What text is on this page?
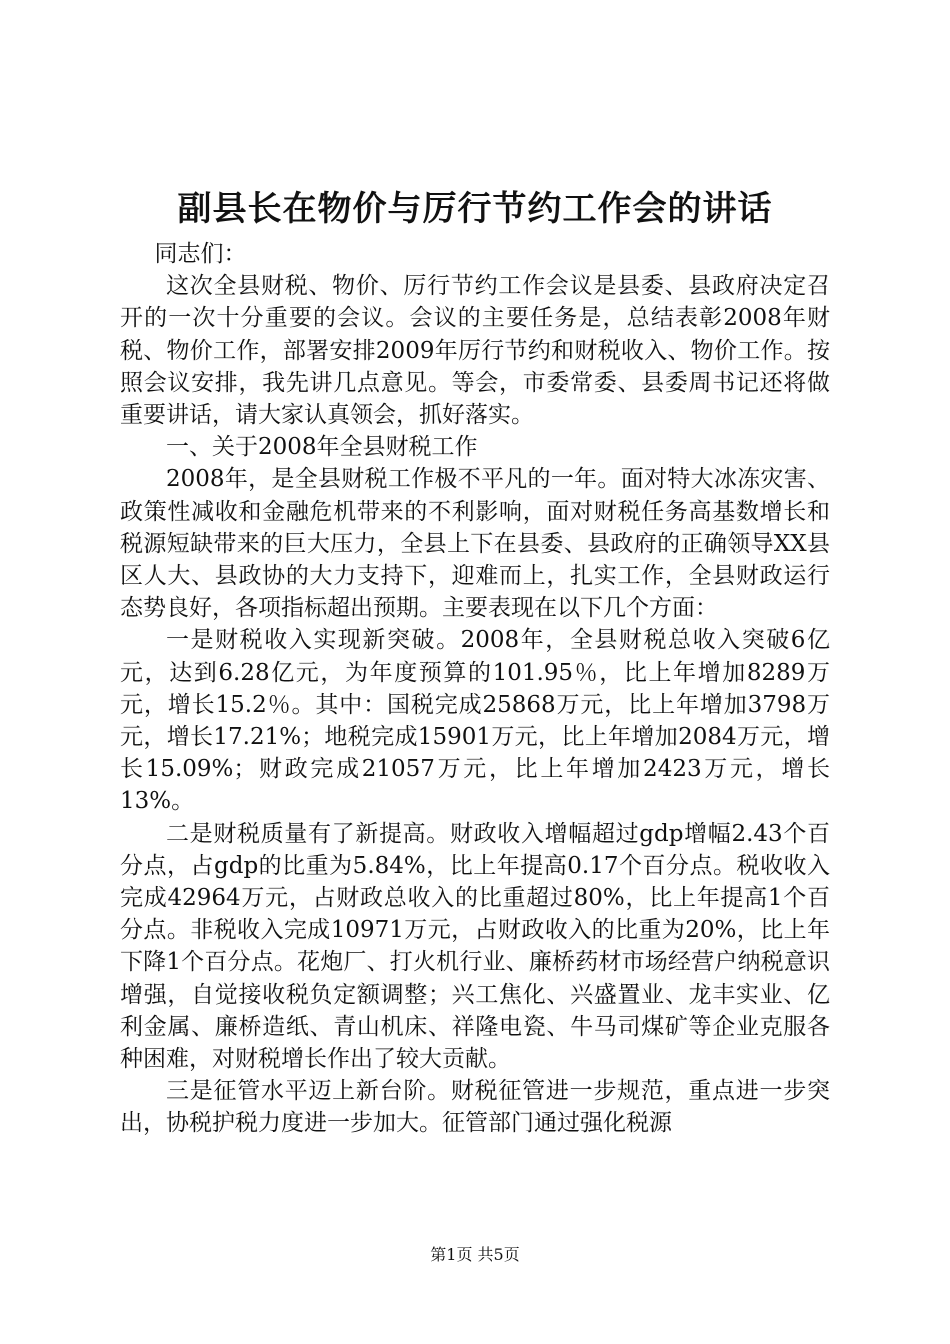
副县长在物价与厉行节约工作会的讲话

同志们：

这次全县财税、物价、厉行节约工作会议是县委、县政府决定召开的一次十分重要的会议。会议的主要任务是，总结表彰2008年财税、物价工作，部署安排2009年厉行节约和财税收入、物价工作。按照会议安排，我先讲几点意见。等会，市委常委、县委周书记还将做重要讲话，请大家认真领会，抓好落实。

一、关于2008年全县财税工作

2008年，是全县财税工作极不平凡的一年。面对特大冰冻灾害、政策性减收和金融危机带来的不利影响，面对财税任务高基数增长和税源短缺带来的巨大压力，全县上下在县委、县政府的正确领导XX县区人大、县政协的大力支持下，迎难而上，扎实工作，全县财政运行态势良好，各项指标超出预期。主要表现在以下几个方面：

一是财税收入实现新突破。2008年，全县财税总收入突破6亿元，达到6.28亿元，为年度预算的101.95％，比上年增加8289万元，增长15.2％。其中：国税完成25868万元，比上年增加3798万元，增长17.21%；地税完成15901万元，比上年增加2084万元，增长15.09%；财政完成21057万元，比上年增加2423万元，增长13%。

二是财税质量有了新提高。财政收入增幅超过gdp增幅2.43个百分点，占gdp的比重为5.84%，比上年提高0.17个百分点。税收收入完成42964万元，占财政总收入的比重超过80%，比上年提高1个百分点。非税收入完成10971万元，占财政收入的比重为20%，比上年下降1个百分点。花炮厂、打火机行业、廉桥药材市场经营户纳税意识增强，自觉接收税负定额调整；兴工焦化、兴盛置业、龙丰实业、亿利金属、廉桥造纸、青山机床、祥隆电瓷、牛马司煤矿等企业克服各种困难，对财税增长作出了较大贡献。

三是征管水平迈上新台阶。财税征管进一步规范，重点进一步突出，协税护税力度进一步加大。征管部门通过强化税源

第1页 共5页
